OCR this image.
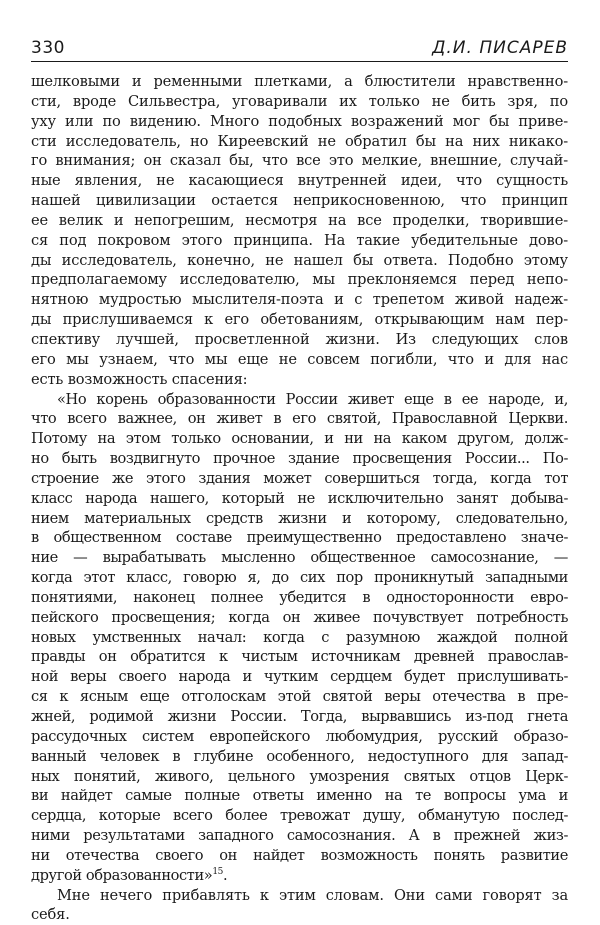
330	Д.И. ПИСАРЕВ
шелковыми и ременными плетками, а блюстители нравственно-
сти, вроде Сильвестра, уговаривали их только не бить зря, по
уху или по видению. Много подобных возражений мог бы приве-
сти исследователь, но Киреевский не обратил бы на них никако-
го внимания; он сказал бы, что все это мелкие, внешние, случай-
ные явления, не касающиеся внутренней идеи, что сущность
нашей цивилизации остается неприкосновенною, что принцип
ее велик и непогрешим, несмотря на все проделки, творившие-
ся под покровом этого принципа. На такие убедительные дово-
ды исследователь, конечно, не нашел бы ответа. Подобно этому
предполагаемому исследователю, мы преклоняемся перед непо-
нятною мудростью мыслителя-поэта и с трепетом живой надеж-
ды прислушиваемся к его обетованиям, открывающим нам пер-
спективу лучшей, просветленной жизни. Из следующих слов
его мы узнаем, что мы еще не совсем погибли, что и для нас
есть возможность спасения:
«Но корень образованности России живет еще в ее народе, и,
что всего важнее, он живет в его святой, Православной Церкви.
Потому на этом только основании, и ни на каком другом, долж-
но быть воздвигнуто прочное здание просвещения России... По-
строение же этого здания может совершиться тогда, когда тот
класс народа нашего, который не исключительно занят добыва-
нием материальных средств жизни и которому, следовательно,
в общественном составе преимущественно предоставлено значе-
ние — вырабатывать мысленно общественное самосознание, —
когда этот класс, говорю я, до сих пор проникнутый западными
понятиями, наконец полнее убедится в односторонности евро-
пейского просвещения; когда он живее почувствует потребность
новых умственных начал: когда с разумною жаждой полной
правды он обратится к чистым источникам древней православ-
ной веры своего народа и чутким сердцем будет прислушивать-
ся к ясным еще отголоскам этой святой веры отечества в пре-
жней, родимой жизни России. Тогда, вырвавшись из-под гнета
рассудочных систем европейского любомудрия, русский образо-
ванный человек в глубине особенного, недоступного для запад-
ных понятий, живого, цельного умозрения святых отцов Церк-
ви найдет самые полные ответы именно на те вопросы ума и
сердца, которые всего более тревожат душу, обманутую послед-
ними результатами западного самосознания. А в прежней жиз-
ни отечества своего он найдет возможность понять развитие
другой образованности»$^{15}$.
Мне нечего прибавлять к этим словам. Они сами говорят за
себя.
